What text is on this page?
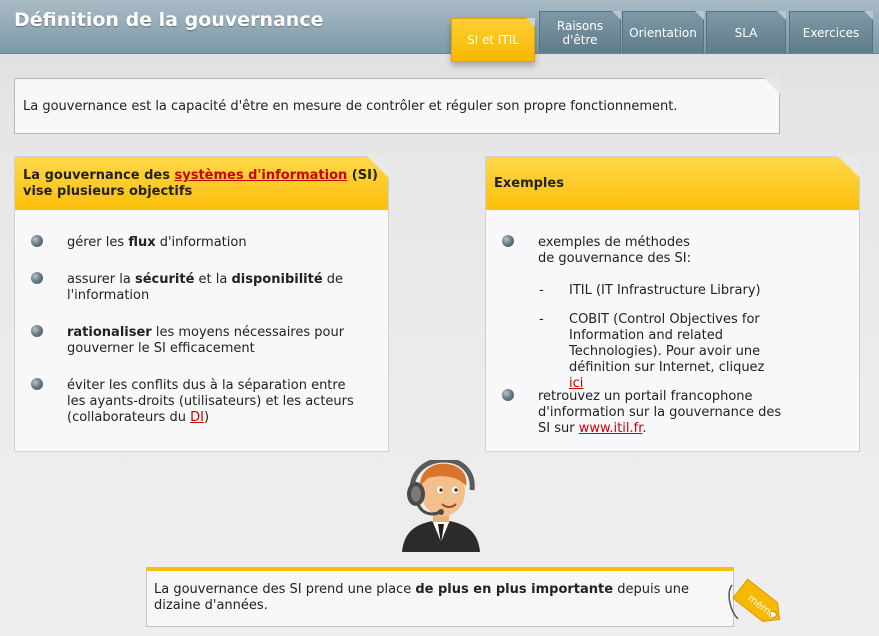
Définition de la gouvernance
SI et ITIL
Raisons
d'être	Orientation	SLA	Exercices
La gouvernance est la capacité d'être en mesure de contrôler et réguler son propre fonctionnement.
La gouvernance des systèmes d'information (SI) vise plusieurs objectifs
gérer les flux d'information
assurer la sécurité et la disponibilité de l'information
rationaliser les moyens nécessaires pour gouverner le SI efficacement
éviter les conflits dus à la séparation entre les ayants-droits (utilisateurs) et les acteurs (collaborateurs du DI)
Exemples
exemples de méthodes de gouvernance des SI:
- ITIL (IT Infrastructure Library)
- COBIT (Control Objectives for Information and related Technologies). Pour avoir une définition sur Internet, cliquez ici
retrouvez un portail francophone d'information sur la gouvernance des SI sur www.itil.fr.
La gouvernance des SI prend une place de plus en plus importante depuis une dizaine d'années.	mémo
